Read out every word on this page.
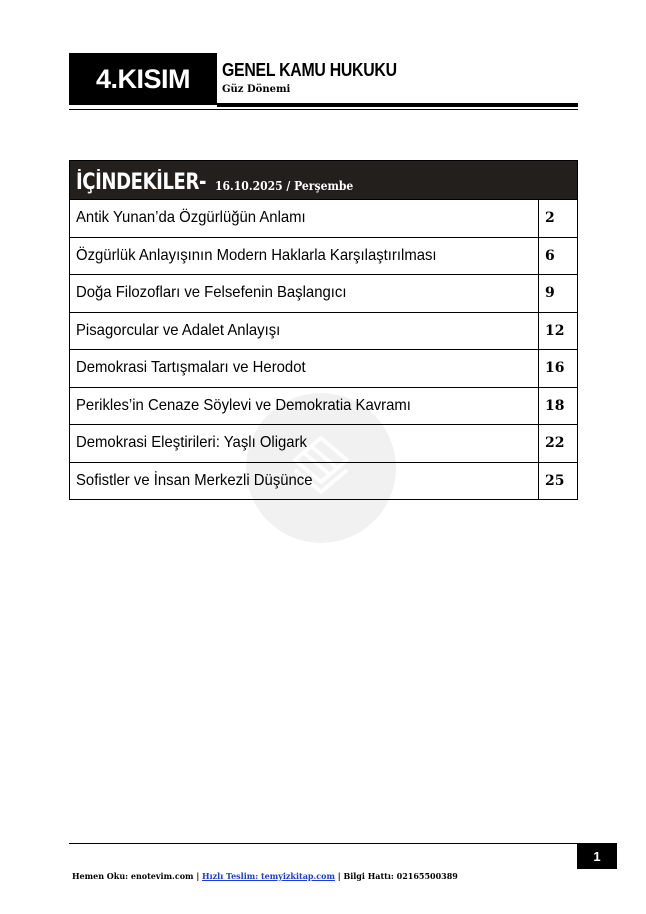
4.KISIM	GENEL KAMU HUKUKU
Güz Dönemi
İÇİNDEKİLER- 16.10.2025 / Perşembe
Antik Yunan’da Özgürlüğün Anlamı	2
Özgürlük Anlayışının Modern Haklarla Karşılaştırılması	6
Doğa Filozofları ve Felsefenin Başlangıcı	9
Pisagorcular ve Adalet Anlayışı	12
Demokrasi Tartışmaları ve Herodot	16
Perikles’in Cenaze Söylevi ve Demokratia Kavramı	18
Demokrasi Eleştirileri: Yaşlı Oligark	22
Sofistler ve İnsan Merkezli Düşünce	25
1
Hemen Oku: enotevim.com | Hızlı Teslim: temyizkitap.com | Bilgi Hattı: 02165500389
